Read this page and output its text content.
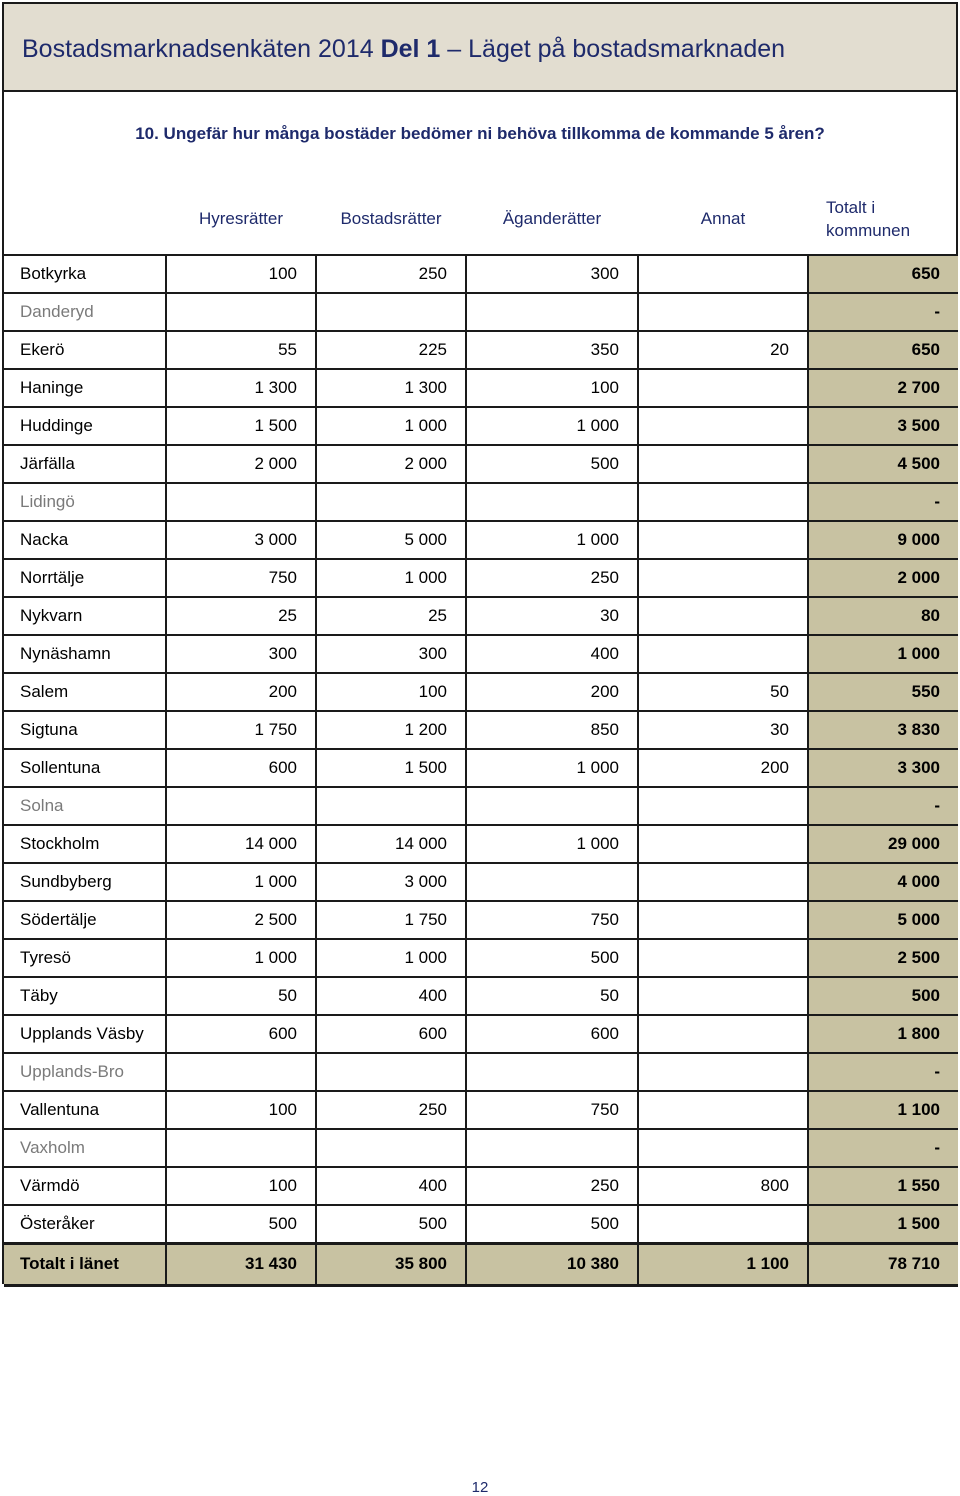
Bostadsmarknadsenkäten 2014 Del 1 – Läget på bostadsmarknaden
10. Ungefär hur många bostäder bedömer ni behöva tillkomma de kommande 5 åren?
Hyresrätter	Bostadsrätter	Äganderätter	Annat
Totalt i
kommunen
Botkyrka	100	250	300		650
Danderyd					-
Ekerö	55	225	350	20	650
Haninge	1 300	1 300	100		2 700
Huddinge	1 500	1 000	1 000		3 500
Järfälla	2 000	2 000	500		4 500
Lidingö					-
Nacka	3 000	5 000	1 000		9 000
Norrtälje	750	1 000	250		2 000
Nykvarn	25	25	30		80
Nynäshamn	300	300	400		1 000
Salem	200	100	200	50	550
Sigtuna	1 750	1 200	850	30	3 830
Sollentuna	600	1 500	1 000	200	3 300
Solna					-
Stockholm	14 000	14 000	1 000		29 000
Sundbyberg	1 000	3 000			4 000
Södertälje	2 500	1 750	750		5 000
Tyresö	1 000	1 000	500		2 500
Täby	50	400	50		500
Upplands Väsby	600	600	600		1 800
Upplands-Bro					-
Vallentuna	100	250	750		1 100
Vaxholm					-
Värmdö	100	400	250	800	1 550
Österåker	500	500	500		1 500
Totalt i länet	31 430	35 800	10 380	1 100	78 710
12
